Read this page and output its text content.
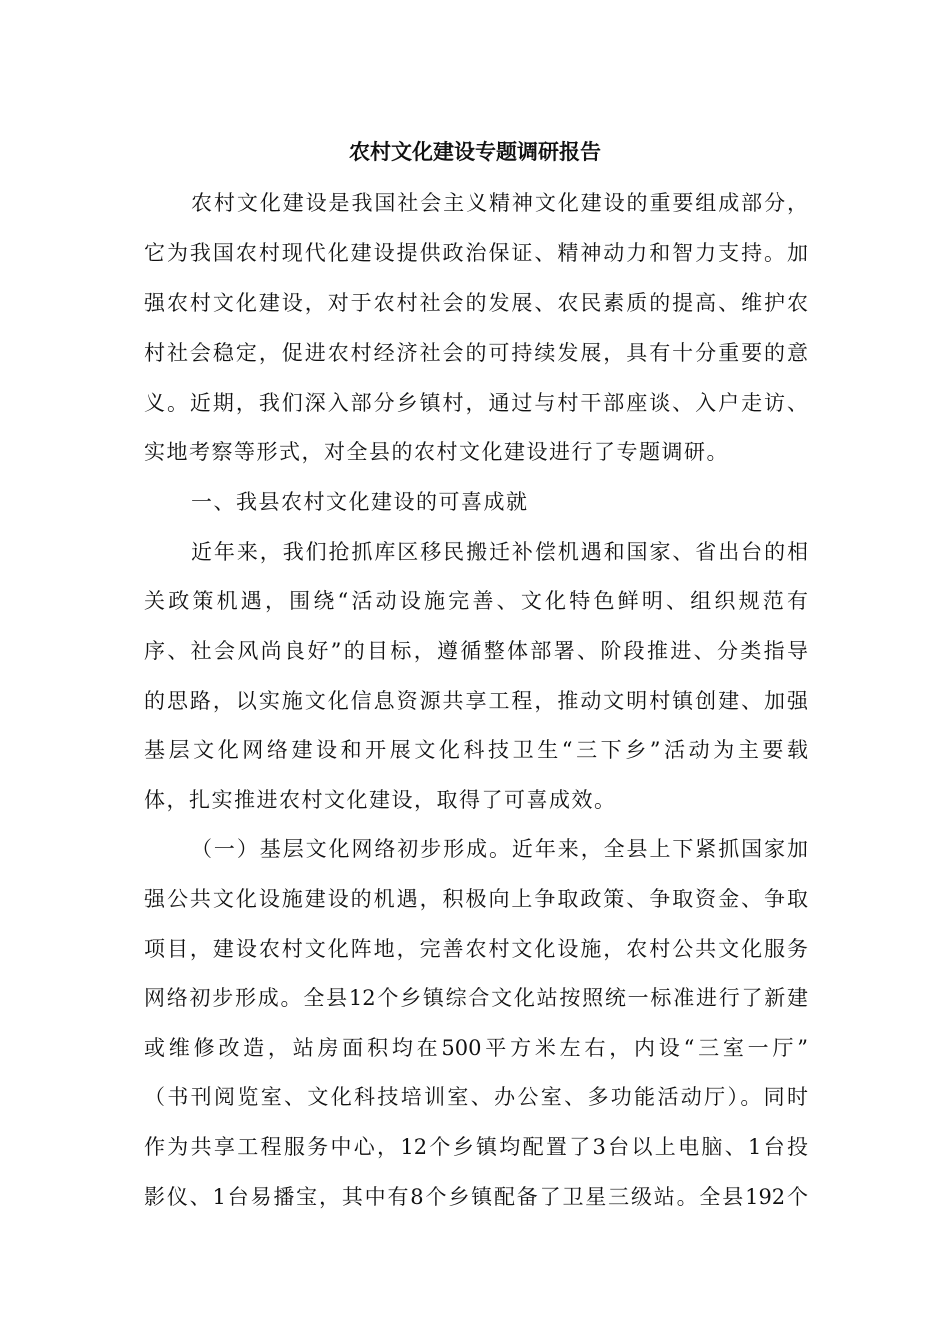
农村文化建设专题调研报告
农村文化建设是我国社会主义精神文化建设的重要组成部分，
它为我国农村现代化建设提供政治保证、精神动力和智力支持。加
强农村文化建设，对于农村社会的发展、农民素质的提高、维护农
村社会稳定，促进农村经济社会的可持续发展，具有十分重要的意
义。近期，我们深入部分乡镇村，通过与村干部座谈、入户走访、
实地考察等形式，对全县的农村文化建设进行了专题调研。
一、我县农村文化建设的可喜成就
近年来，我们抢抓库区移民搬迁补偿机遇和国家、省出台的相
关政策机遇，围绕“活动设施完善、文化特色鲜明、组织规范有
序、社会风尚良好”的目标，遵循整体部署、阶段推进、分类指导
的思路，以实施文化信息资源共享工程，推动文明村镇创建、加强
基层文化网络建设和开展文化科技卫生“三下乡”活动为主要载
体，扎实推进农村文化建设，取得了可喜成效。
（一）基层文化网络初步形成。近年来，全县上下紧抓国家加
强公共文化设施建设的机遇，积极向上争取政策、争取资金、争取
项目，建设农村文化阵地，完善农村文化设施，农村公共文化服务
网络初步形成。全县12个乡镇综合文化站按照统一标准进行了新建
或维修改造，站房面积均在500平方米左右，内设“三室一厅”
（书刊阅览室、文化科技培训室、办公室、多功能活动厅）。同时
作为共享工程服务中心，12个乡镇均配置了3台以上电脑、1台投
影仪、1台易播宝，其中有8个乡镇配备了卫星三级站。全县192个
